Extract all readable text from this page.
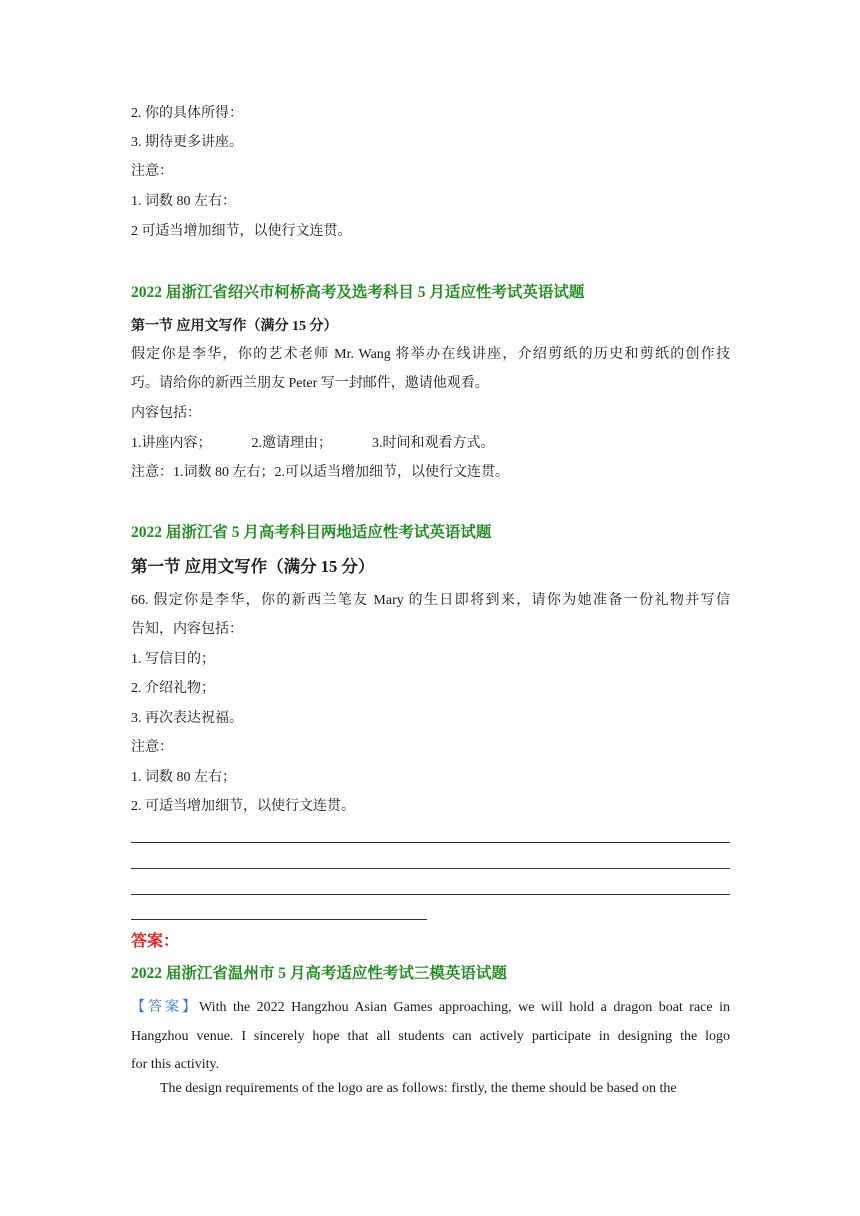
2. 你的具体所得：
3. 期待更多讲座。
注意：
1. 词数 80 左右：
2 可适当增加细节，以使行文连贯。
2022 届浙江省绍兴市柯桥高考及选考科目 5 月适应性考试英语试题
第一节 应用文写作（满分 15 分）
假定你是李华，你的艺术老师 Mr. Wang 将举办在线讲座，介绍剪纸的历史和剪纸的创作技
巧。请给你的新西兰朋友 Peter 写一封邮件，邀请他观看。
内容包括：
1.讲座内容；	2.邀请理由；	3.时间和观看方式。
注意：1.词数 80 左右；2.可以适当增加细节，以使行文连贯。
2022 届浙江省 5 月高考科目两地适应性考试英语试题
第一节 应用文写作（满分 15 分）
66. 假定你是李华，你的新西兰笔友 Mary 的生日即将到来，请你为她准备一份礼物并写信
告知，内容包括：
1. 写信目的；
2. 介绍礼物；
3. 再次表达祝福。
注意：
1. 词数 80 左右；
2. 可适当增加细节，以使行文连贯。
答案：
2022 届浙江省温州市 5 月高考适应性考试三模英语试题
【答案】With the 2022 Hangzhou Asian Games approaching, we will hold a dragon boat race in
Hangzhou venue. I sincerely hope that all students can actively participate in designing the logo
for this activity.
The design requirements of the logo are as follows: firstly, the theme should be based on the
